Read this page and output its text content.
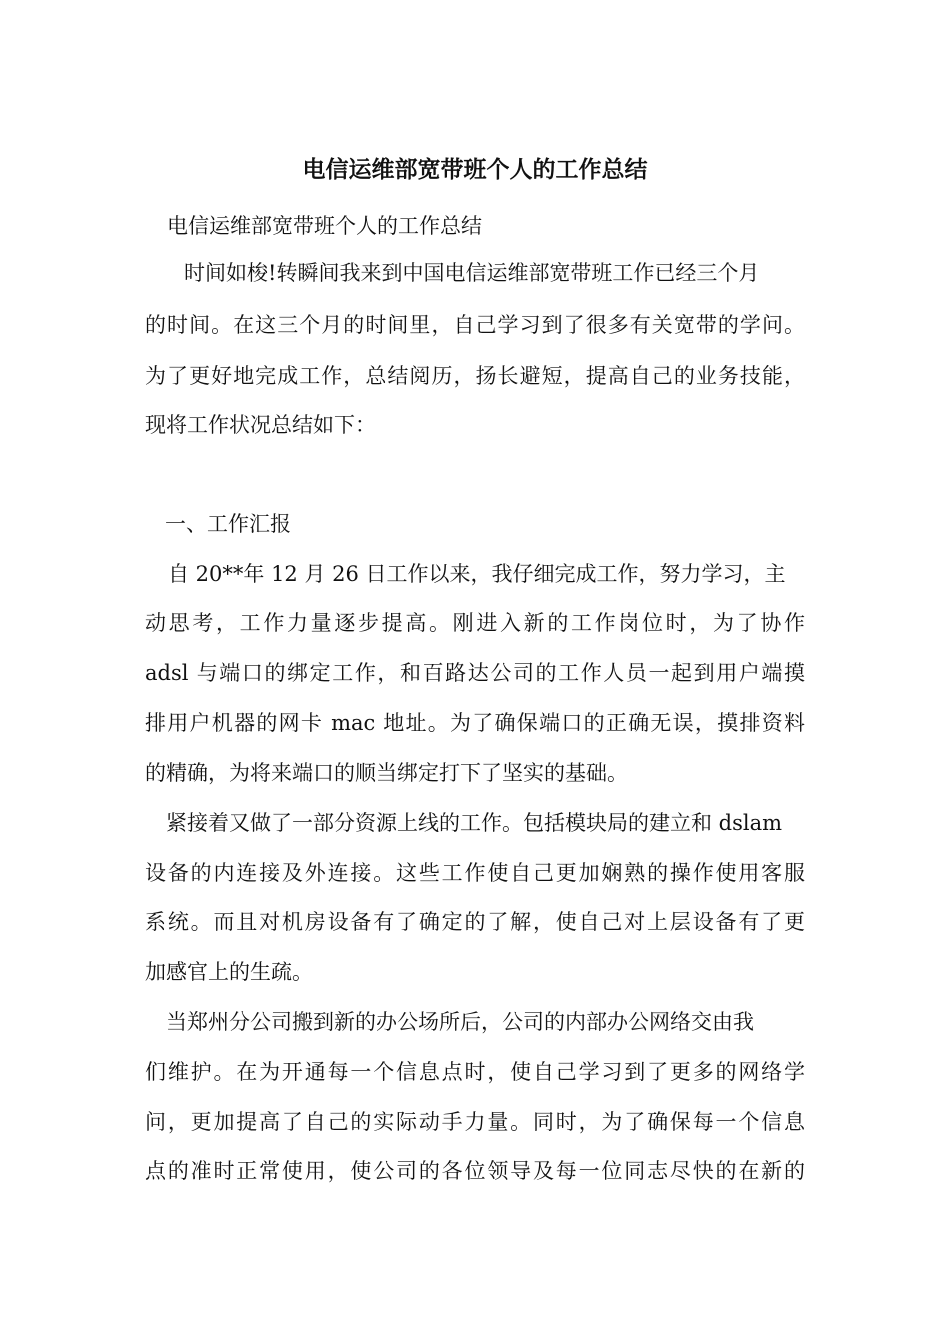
电信运维部宽带班个人的工作总结
电信运维部宽带班个人的工作总结
时间如梭!转瞬间我来到中国电信运维部宽带班工作已经三个月
的时间。在这三个月的时间里，自己学习到了很多有关宽带的学问。
为了更好地完成工作，总结阅历，扬长避短，提高自己的业务技能，
现将工作状况总结如下：
一、工作汇报
自 20**年 12 月 26 日工作以来，我仔细完成工作，努力学习，主
动思考，工作力量逐步提高。刚进入新的工作岗位时，为了协作
adsl 与端口的绑定工作，和百路达公司的工作人员一起到用户端摸
排用户机器的网卡 mac 地址。为了确保端口的正确无误，摸排资料
的精确，为将来端口的顺当绑定打下了坚实的基础。
紧接着又做了一部分资源上线的工作。包括模块局的建立和 dslam
设备的内连接及外连接。这些工作使自己更加娴熟的操作使用客服
系统。而且对机房设备有了确定的了解，使自己对上层设备有了更
加感官上的生疏。
当郑州分公司搬到新的办公场所后，公司的内部办公网络交由我
们维护。在为开通每一个信息点时，使自己学习到了更多的网络学
问，更加提高了自己的实际动手力量。同时，为了确保每一个信息
点的准时正常使用，使公司的各位领导及每一位同志尽快的在新的
